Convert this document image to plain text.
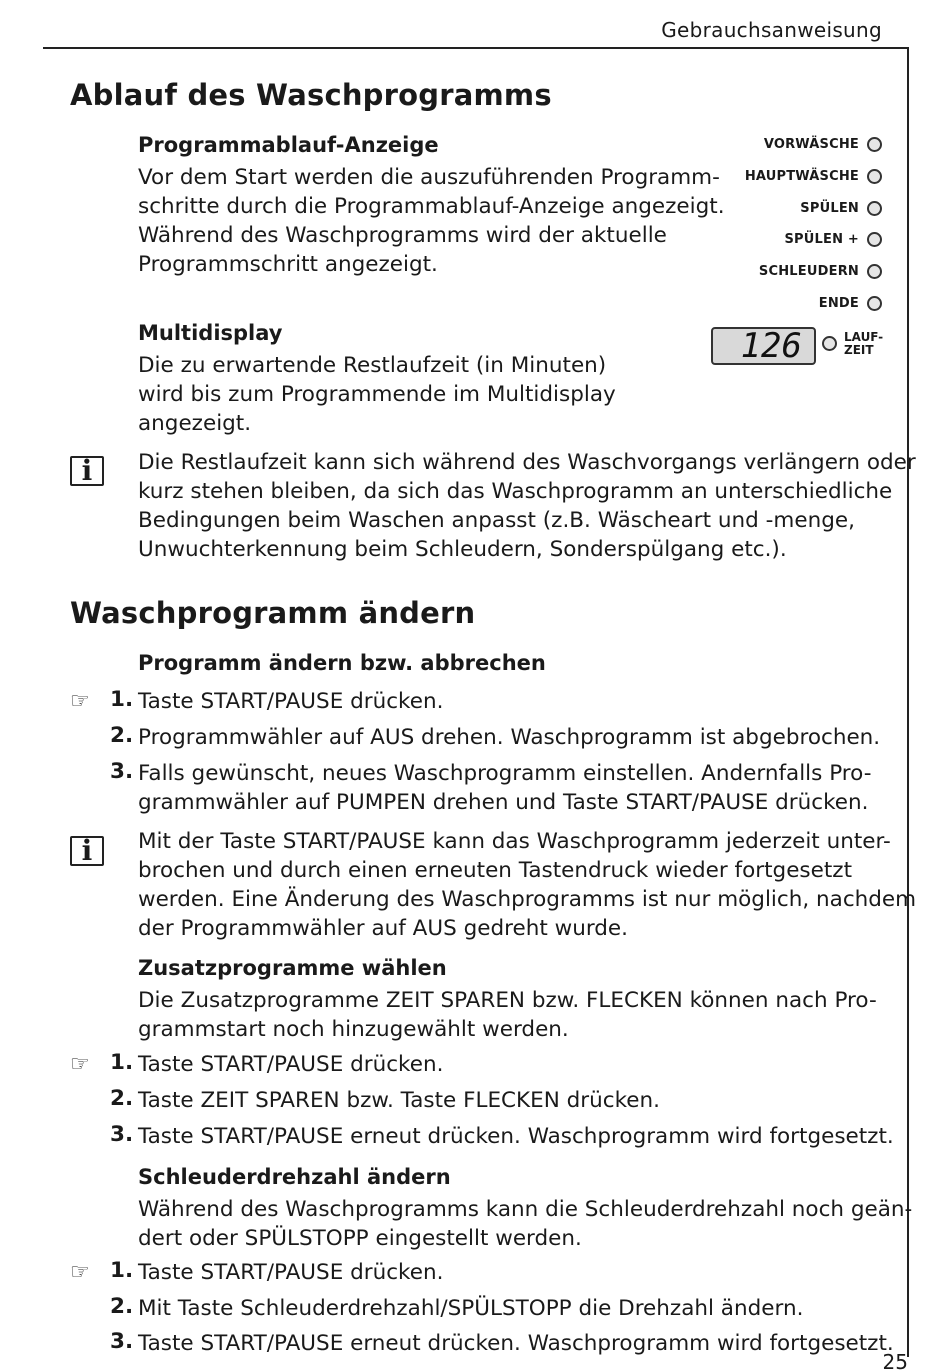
Gebrauchsanweisung
Ablauf des Waschprogramms
Programmablauf-Anzeige
Vor dem Start werden die auszuführenden Programm-
schritte durch die Programmablauf-Anzeige angezeigt.
Während des Waschprogramms wird der aktuelle
Programmschritt angezeigt.
VORWÄSCHE
HAUPTWÄSCHE
SPÜLEN
SPÜLEN +
SCHLEUDERN
ENDE
126	LAUF-
ZEIT
Multidisplay
Die zu erwartende Restlaufzeit (in Minuten)
wird bis zum Programmende im Multidisplay
angezeigt.
i	Die Restlaufzeit kann sich während des Waschvorgangs verlängern oder
kurz stehen bleiben, da sich das Waschprogramm an unterschiedliche
Bedingungen beim Waschen anpasst (z.B. Wäscheart und -menge,
Unwuchterkennung beim Schleudern, Sonderspülgang etc.).
Waschprogramm ändern
Programm ändern bzw. abbrechen
☞ 1. Taste START/PAUSE drücken.
2. Programmwähler auf AUS drehen. Waschprogramm ist abgebrochen.
3. Falls gewünscht, neues Waschprogramm einstellen. Andernfalls Pro-
grammwähler auf PUMPEN drehen und Taste START/PAUSE drücken.
i	Mit der Taste START/PAUSE kann das Waschprogramm jederzeit unter-
brochen und durch einen erneuten Tastendruck wieder fortgesetzt
werden. Eine Änderung des Waschprogramms ist nur möglich, nachdem
der Programmwähler auf AUS gedreht wurde.
Zusatzprogramme wählen
Die Zusatzprogramme ZEIT SPAREN bzw. FLECKEN können nach Pro-
grammstart noch hinzugewählt werden.
☞ 1. Taste START/PAUSE drücken.
2. Taste ZEIT SPAREN bzw. Taste FLECKEN drücken.
3. Taste START/PAUSE erneut drücken. Waschprogramm wird fortgesetzt.
Schleuderdrehzahl ändern
Während des Waschprogramms kann die Schleuderdrehzahl noch geän-
dert oder SPÜLSTOPP eingestellt werden.
☞ 1. Taste START/PAUSE drücken.
2. Mit Taste Schleuderdrehzahl/SPÜLSTOPP die Drehzahl ändern.
3. Taste START/PAUSE erneut drücken. Waschprogramm wird fortgesetzt.
25
